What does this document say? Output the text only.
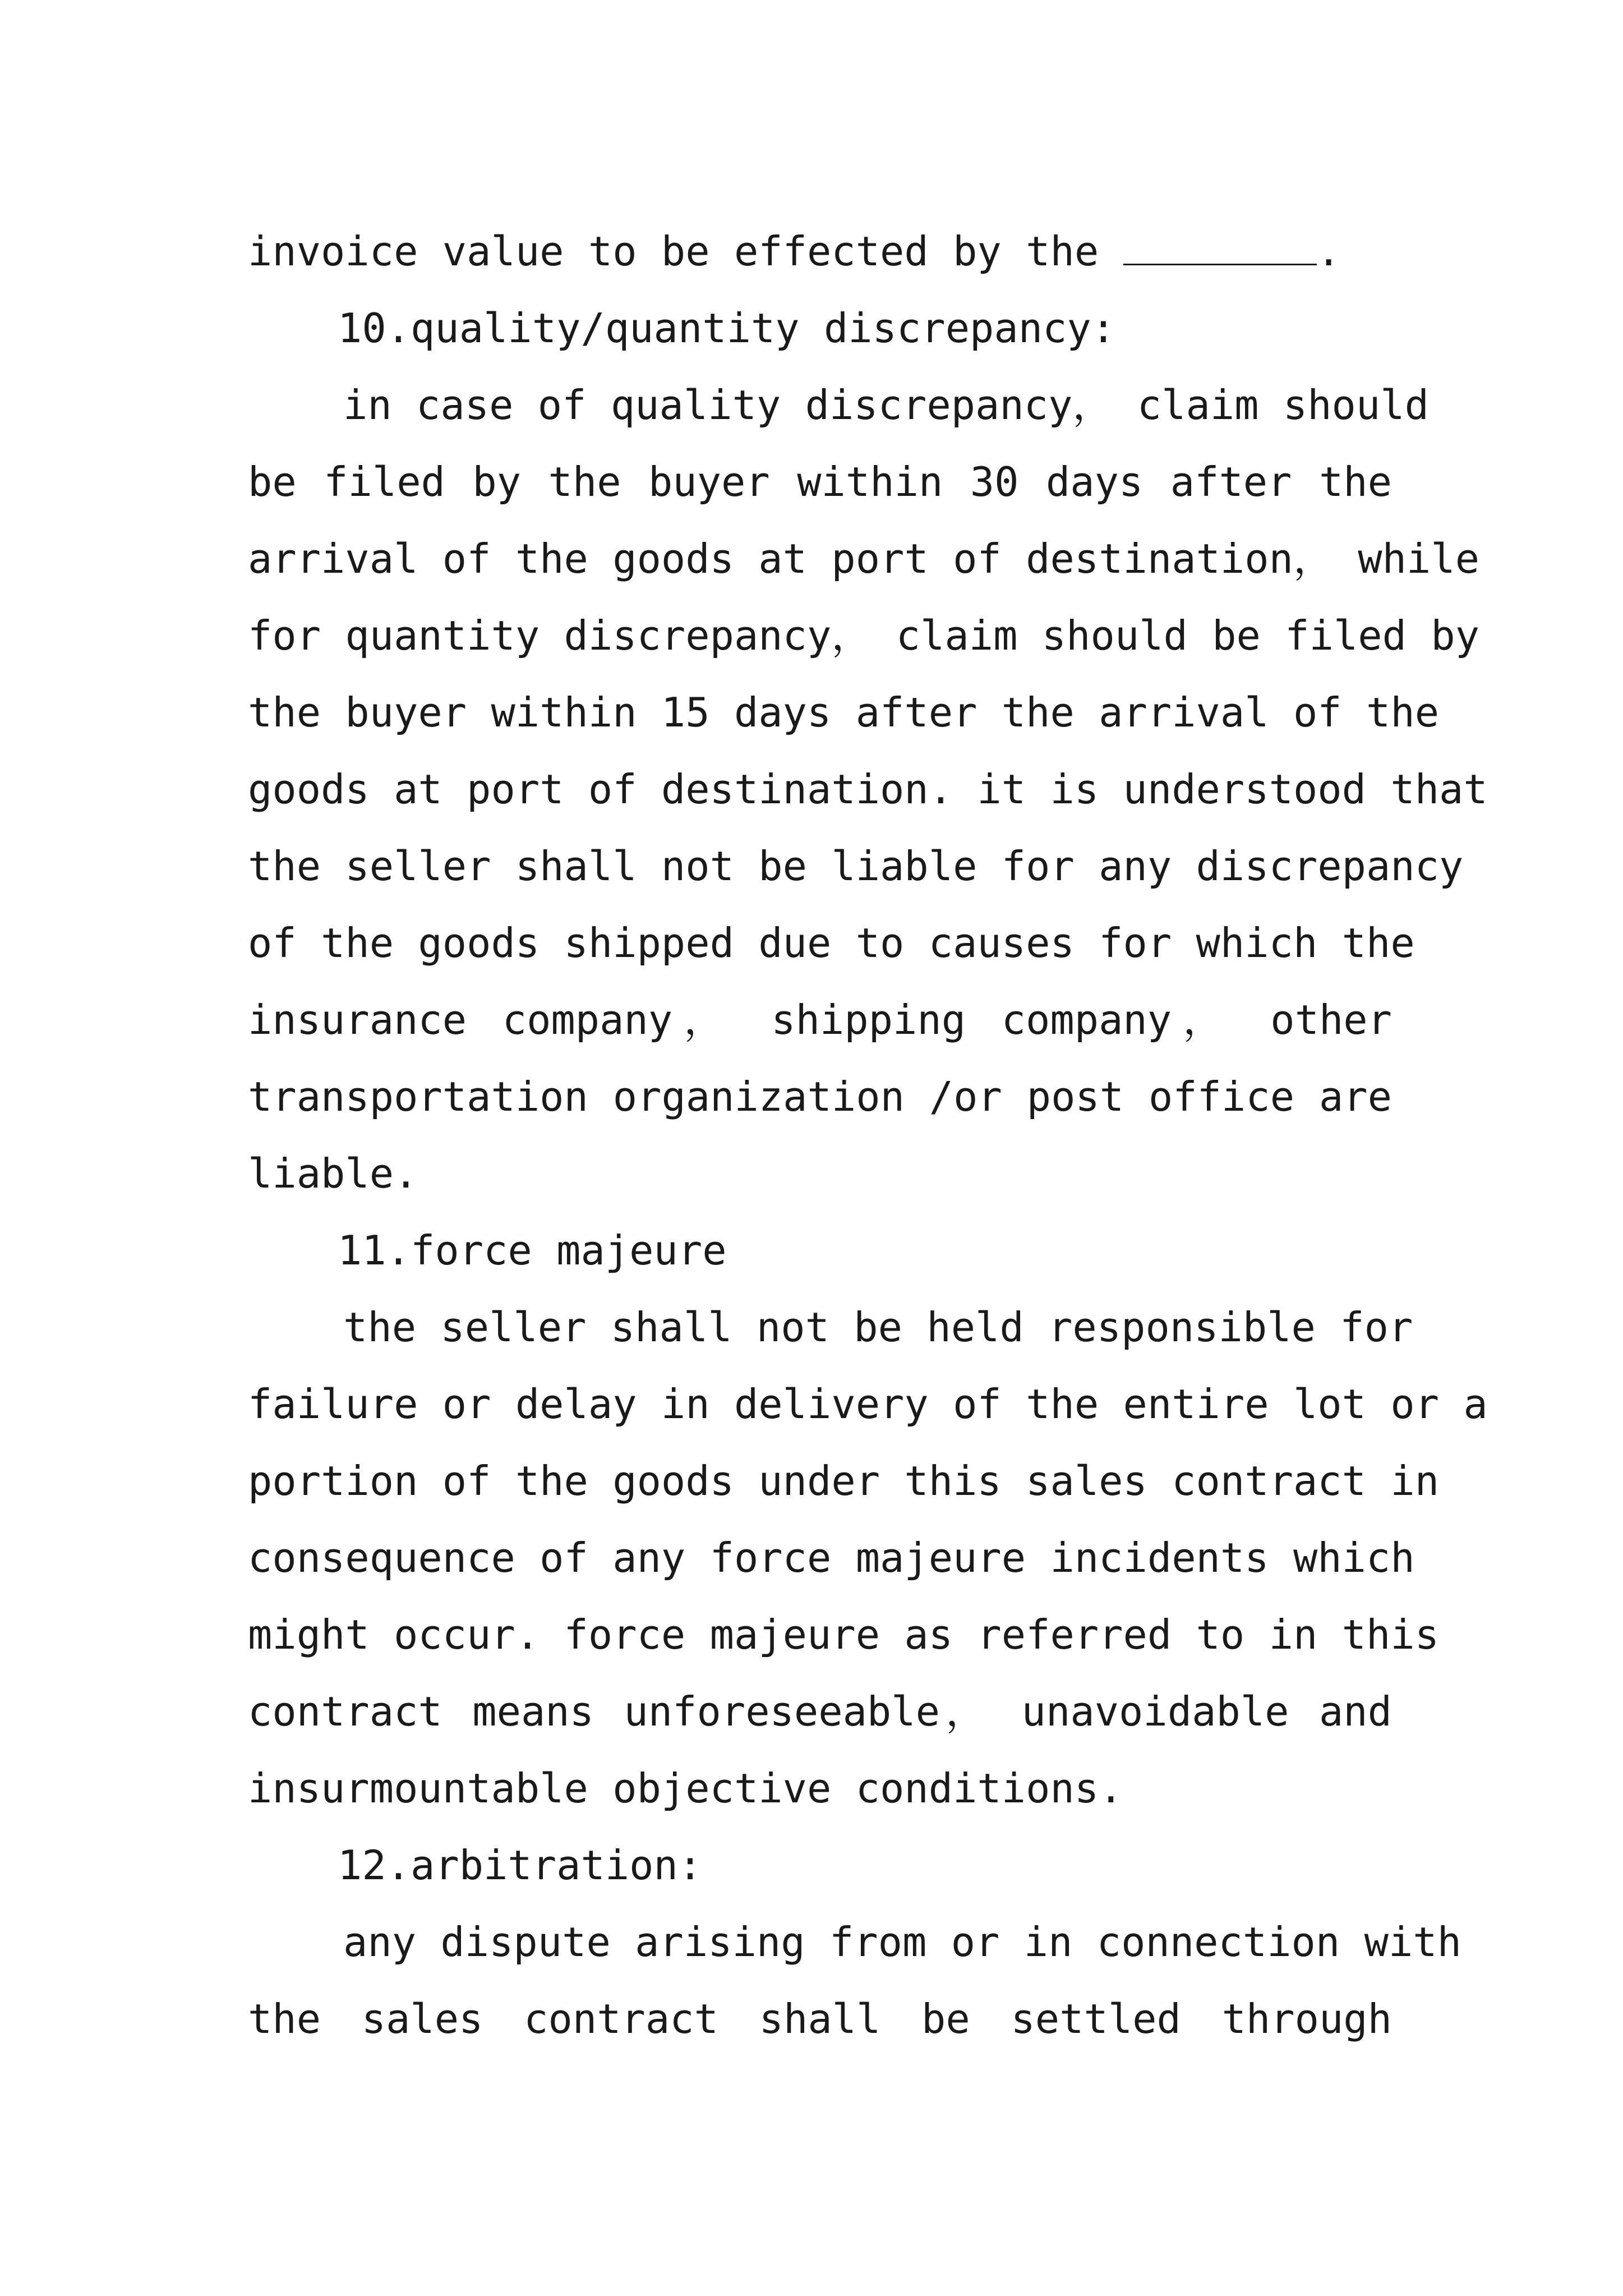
invoice value to be effected by the	.
10.quality/quantity discrepancy:
in case of quality discrepancy， claim should
be filed by the buyer within 30 days after the
arrival of the goods at port of destination， while
for quantity discrepancy， claim should be filed by
the buyer within 15 days after the arrival of the
goods at port of destination. it is understood that
the seller shall not be liable for any discrepancy
of the goods shipped due to causes for which the
insurance company， shipping company， other
transportation organization /or post office are
liable.
11.force majeure
the seller shall not be held responsible for
failure or delay in delivery of the entire lot or a
portion of the goods under this sales contract in
consequence of any force majeure incidents which
might occur. force majeure as referred to in this
contract means unforeseeable， unavoidable and
insurmountable objective conditions.
12.arbitration:
any dispute arising from or in connection with
the sales contract shall be settled through
